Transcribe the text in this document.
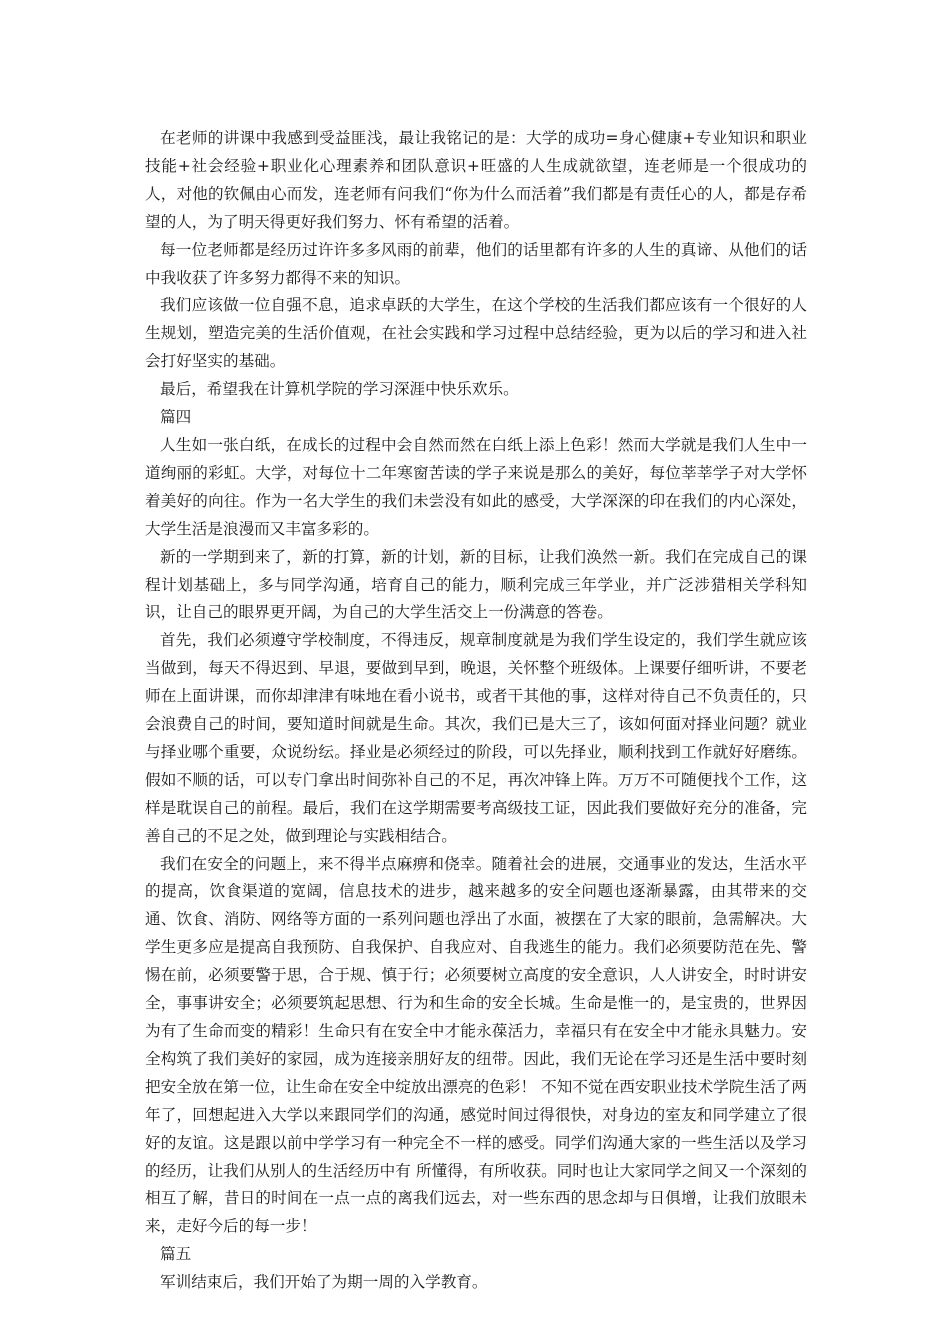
在老师的讲课中我感到受益匪浅，最让我铭记的是：大学的成功=身心健康+专业知识和职业技能+社会经验+职业化心理素养和团队意识+旺盛的人生成就欲望，连老师是一个很成功的人，对他的钦佩由心而发，连老师有问我们“你为什么而活着”我们都是有责任心的人，都是存希望的人，为了明天得更好我们努力、怀有希望的活着。

每一位老师都是经历过许许多多风雨的前辈，他们的话里都有许多的人生的真谛、从他们的话中我收获了许多努力都得不来的知识。

我们应该做一位自强不息，追求卓跃的大学生，在这个学校的生活我们都应该有一个很好的人生规划，塑造完美的生活价值观，在社会实践和学习过程中总结经验，更为以后的学习和进入社会打好坚实的基础。

最后，希望我在计算机学院的学习深涯中快乐欢乐。

篇四

人生如一张白纸，在成长的过程中会自然而然在白纸上添上色彩！然而大学就是我们人生中一道绚丽的彩虹。大学，对每位十二年寒窗苦读的学子来说是那么的美好，每位莘莘学子对大学怀着美好的向往。作为一名大学生的我们未尝没有如此的感受，大学深深的印在我们的内心深处，大学生活是浪漫而又丰富多彩的。

新的一学期到来了，新的打算，新的计划，新的目标，让我们涣然一新。我们在完成自己的课程计划基础上，多与同学沟通，培育自己的能力，顺利完成三年学业，并广泛涉猎相关学科知识，让自己的眼界更开阔，为自己的大学生活交上一份满意的答卷。

首先，我们必须遵守学校制度，不得违反，规章制度就是为我们学生设定的，我们学生就应该当做到，每天不得迟到、早退，要做到早到，晚退，关怀整个班级体。上课要仔细听讲，不要老师在上面讲课，而你却津津有味地在看小说书，或者干其他的事，这样对待自己不负责任的，只会浪费自己的时间，要知道时间就是生命。其次，我们已是大三了，该如何面对择业问题？就业与择业哪个重要，众说纷纭。择业是必须经过的阶段，可以先择业，顺利找到工作就好好磨练。假如不顺的话，可以专门拿出时间弥补自己的不足，再次冲锋上阵。万万不可随便找个工作，这样是耽误自己的前程。最后，我们在这学期需要考高级技工证，因此我们要做好充分的准备，完善自己的不足之处，做到理论与实践相结合。

我们在安全的问题上，来不得半点麻痹和侥幸。随着社会的进展，交通事业的发达，生活水平的提高，饮食渠道的宽阔，信息技术的进步，越来越多的安全问题也逐渐暴露，由其带来的交通、饮食、消防、网络等方面的一系列问题也浮出了水面，被摆在了大家的眼前，急需解决。大学生更多应是提高自我预防、自我保护、自我应对、自我逃生的能力。我们必须要防范在先、警惕在前，必须要警于思，合于规、慎于行；必须要树立高度的安全意识，人人讲安全，时时讲安全，事事讲安全；必须要筑起思想、行为和生命的安全长城。生命是惟一的，是宝贵的，世界因为有了生命而变的精彩！生命只有在安全中才能永葆活力，幸福只有在安全中才能永具魅力。安全构筑了我们美好的家园，成为连接亲朋好友的纽带。因此，我们无论在学习还是生活中要时刻把安全放在第一位，让生命在安全中绽放出漂亮的色彩！ 不知不觉在西安职业技术学院生活了两年了，回想起进入大学以来跟同学们的沟通，感觉时间过得很快，对身边的室友和同学建立了很好的友谊。这是跟以前中学学习有一种完全不一样的感受。同学们沟通大家的一些生活以及学习的经历，让我们从别人的生活经历中有 所懂得，有所收获。同时也让大家同学之间又一个深刻的相互了解，昔日的时间在一点一点的离我们远去，对一些东西的思念却与日俱增，让我们放眼未来，走好今后的每一步！

篇五

军训结束后，我们开始了为期一周的入学教育。
